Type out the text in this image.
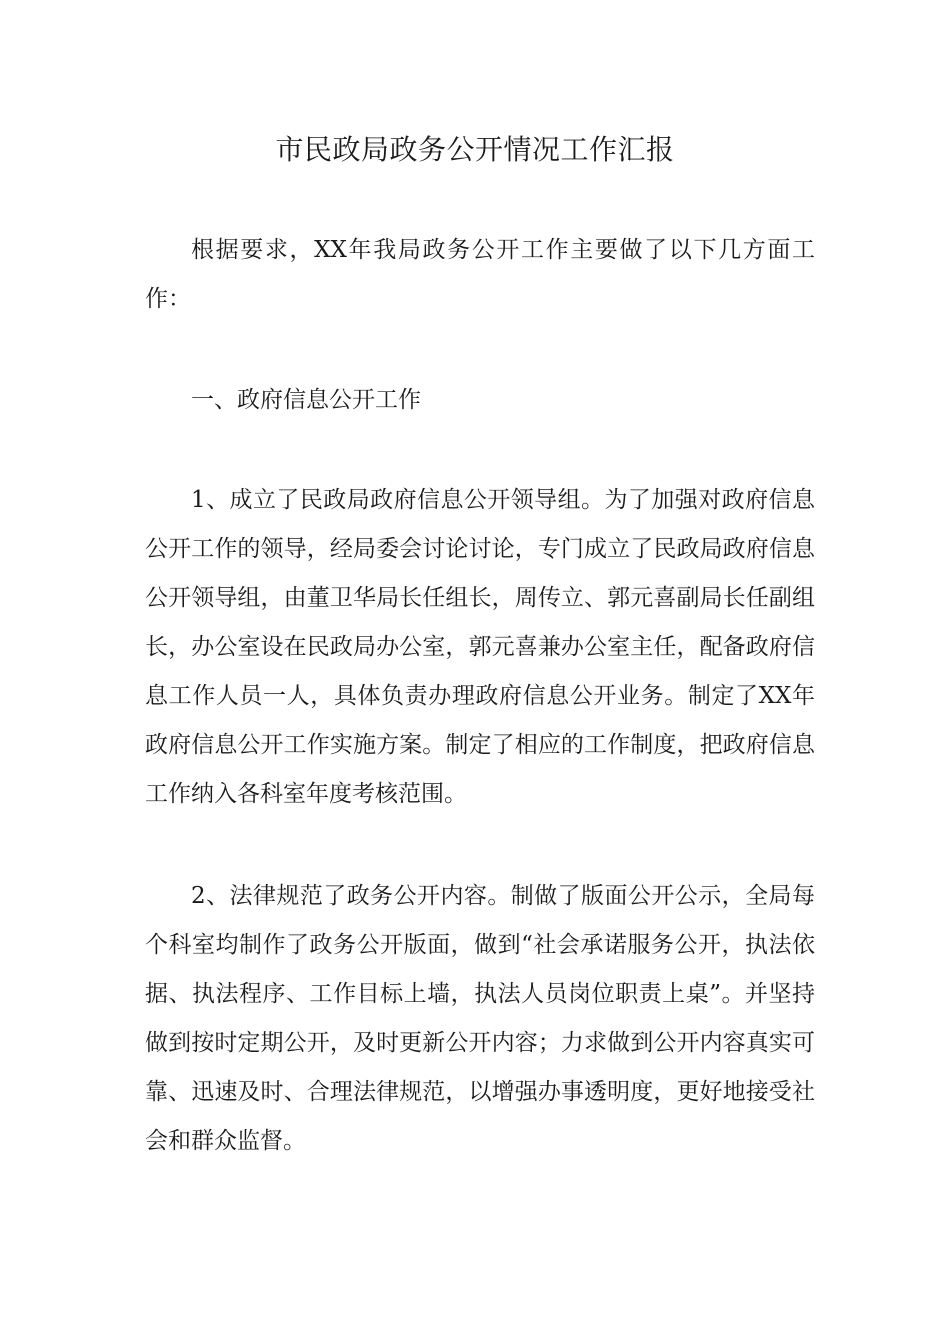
市民政局政务公开情况工作汇报

根据要求，XX年我局政务公开工作主要做了以下几方面工作：

一、政府信息公开工作

1、成立了民政局政府信息公开领导组。为了加强对政府信息公开工作的领导，经局委会讨论讨论，专门成立了民政局政府信息公开领导组，由董卫华局长任组长，周传立、郭元喜副局长任副组长，办公室设在民政局办公室，郭元喜兼办公室主任，配备政府信息工作人员一人，具体负责办理政府信息公开业务。制定了XX年政府信息公开工作实施方案。制定了相应的工作制度，把政府信息工作纳入各科室年度考核范围。

2、法律规范了政务公开内容。制做了版面公开公示，全局每个科室均制作了政务公开版面，做到“社会承诺服务公开，执法依据、执法程序、工作目标上墙，执法人员岗位职责上桌”。并坚持做到按时定期公开，及时更新公开内容；力求做到公开内容真实可靠、迅速及时、合理法律规范，以增强办事透明度，更好地接受社会和群众监督。
